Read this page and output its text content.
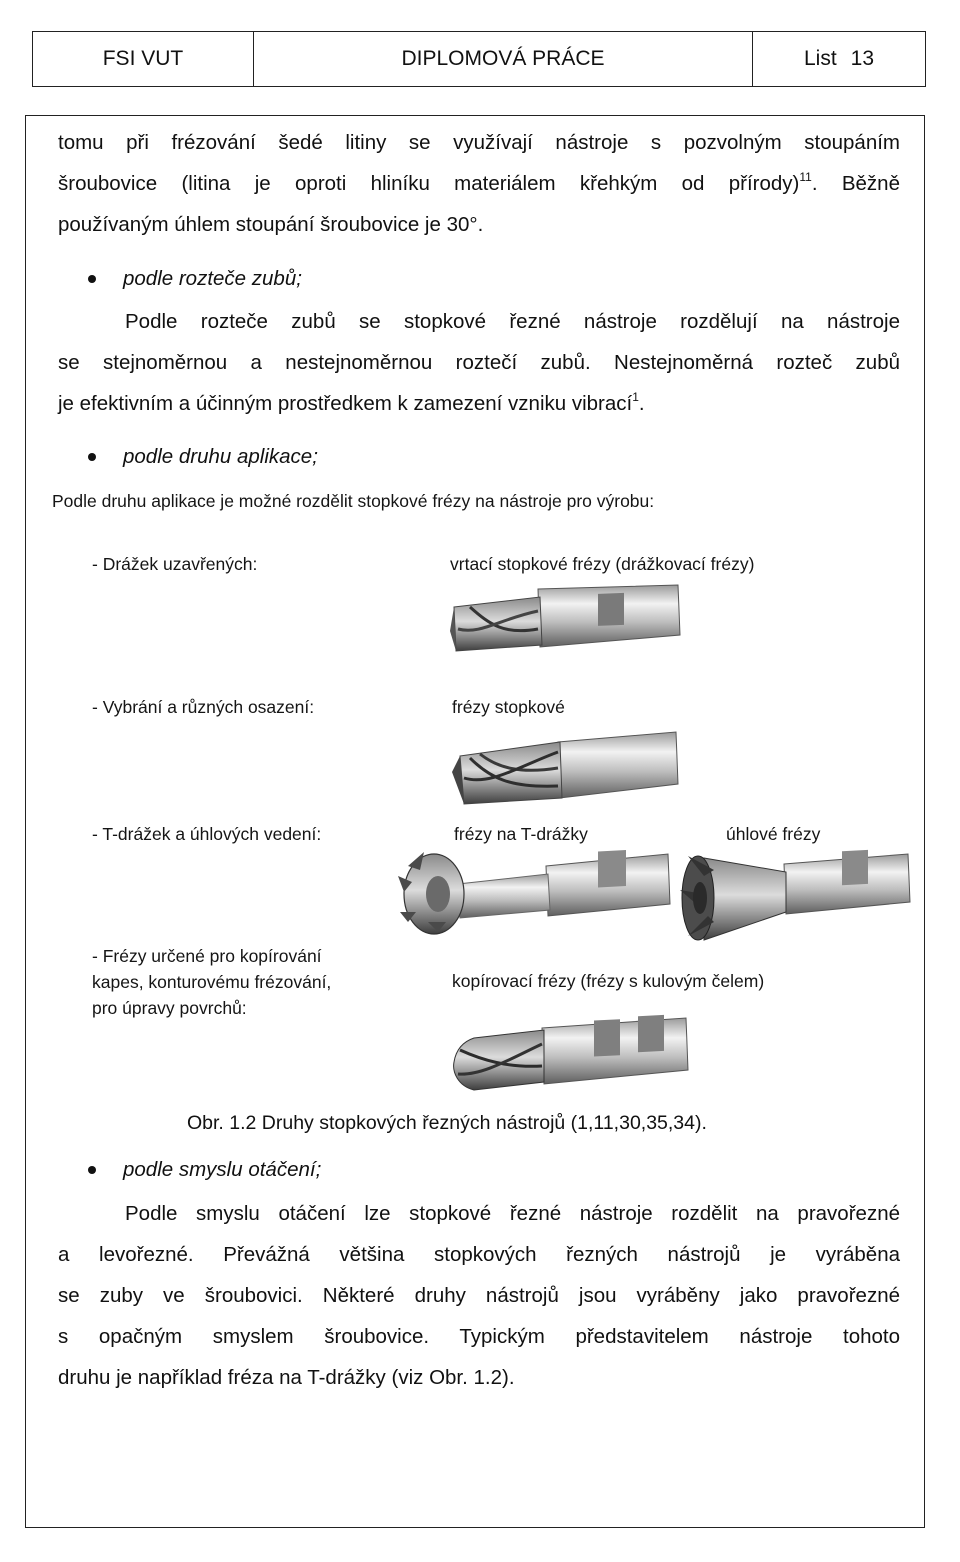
FSI VUT	DIPLOMOVÁ PRÁCE	List 13

tomu při frézování šedé litiny se využívají nástroje s pozvolným stoupáním

šroubovice (litina je oproti hliníku materiálem křehkým od přírody)$^{11}$. Běžně

používaným úhlem stoupání šroubovice je 30°.

podle rozteče zubů;

Podle rozteče zubů se stopkové řezné nástroje rozdělují na nástroje

se stejnoměrnou a nestejnoměrnou roztečí zubů. Nestejnoměrná rozteč zubů

je efektivním a účinným prostředkem k zamezení vzniku vibrací$^1$.

podle druhu aplikace;
Podle druhu aplikace je možné rozdělit stopkové frézy na nástroje pro výrobu:
- Drážek uzavřených:	vrtací stopkové frézy (drážkovací frézy)
- Vybrání a různých osazení:	frézy stopkové
- T-drážek a úhlových vedení:	frézy na T-drážky	úhlové frézy
- Frézy určené pro kopírování
kapes, konturovému frézování,
pro úpravy povrchů:
kopírovací frézy (frézy s kulovým čelem)
Obr. 1.2 Druhy stopkových řezných nástrojů (1,11,30,35,34).
podle smyslu otáčení;

Podle smyslu otáčení lze stopkové řezné nástroje rozdělit na pravořezné

a levořezné. Převážná většina stopkových řezných nástrojů je vyráběna

se zuby ve šroubovici. Některé druhy nástrojů jsou vyráběny jako pravořezné

s opačným smyslem šroubovice. Typickým představitelem nástroje tohoto

druhu je například fréza na T-drážky (viz Obr. 1.2).
